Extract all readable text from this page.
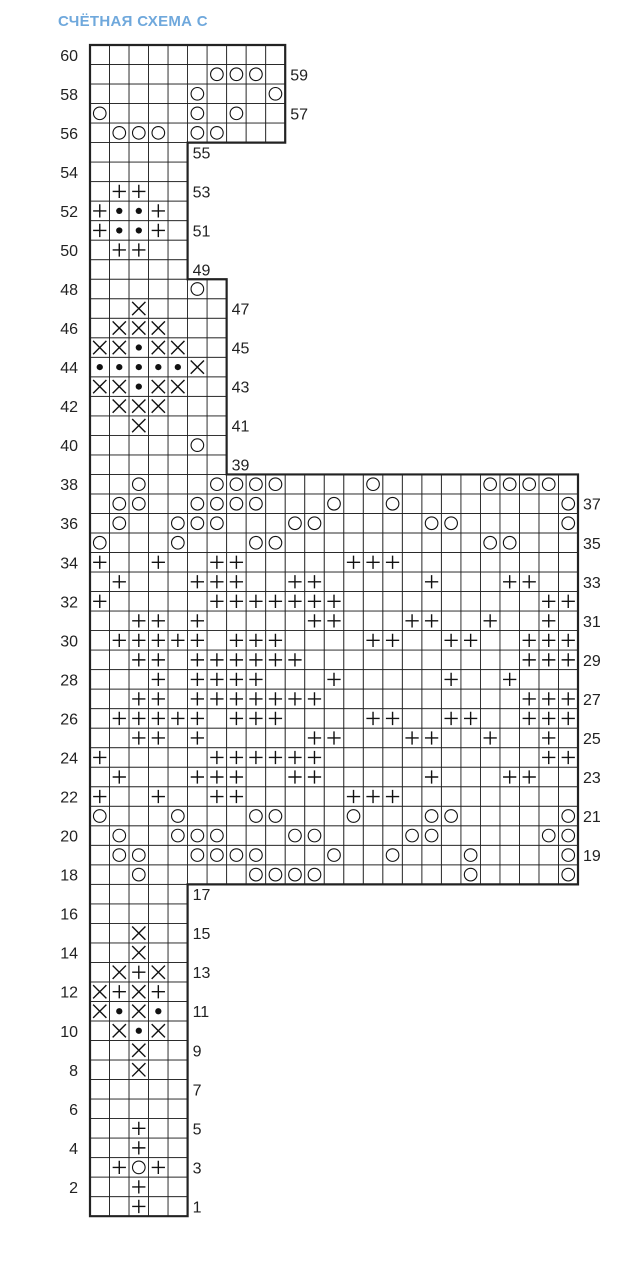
СЧЁТНАЯ СХЕМА С
2
4
6
8
10
12
14
16
18
20
22
24
26
28
30
32
34
36
38
40
42
44
46
48
50
52
54
56
58
60
1
3
5
7
9
11
13
15
17
19
21
23
25
27
29
31
33
35
37
39
41
43
45
47
49
51
53
55
57
59
